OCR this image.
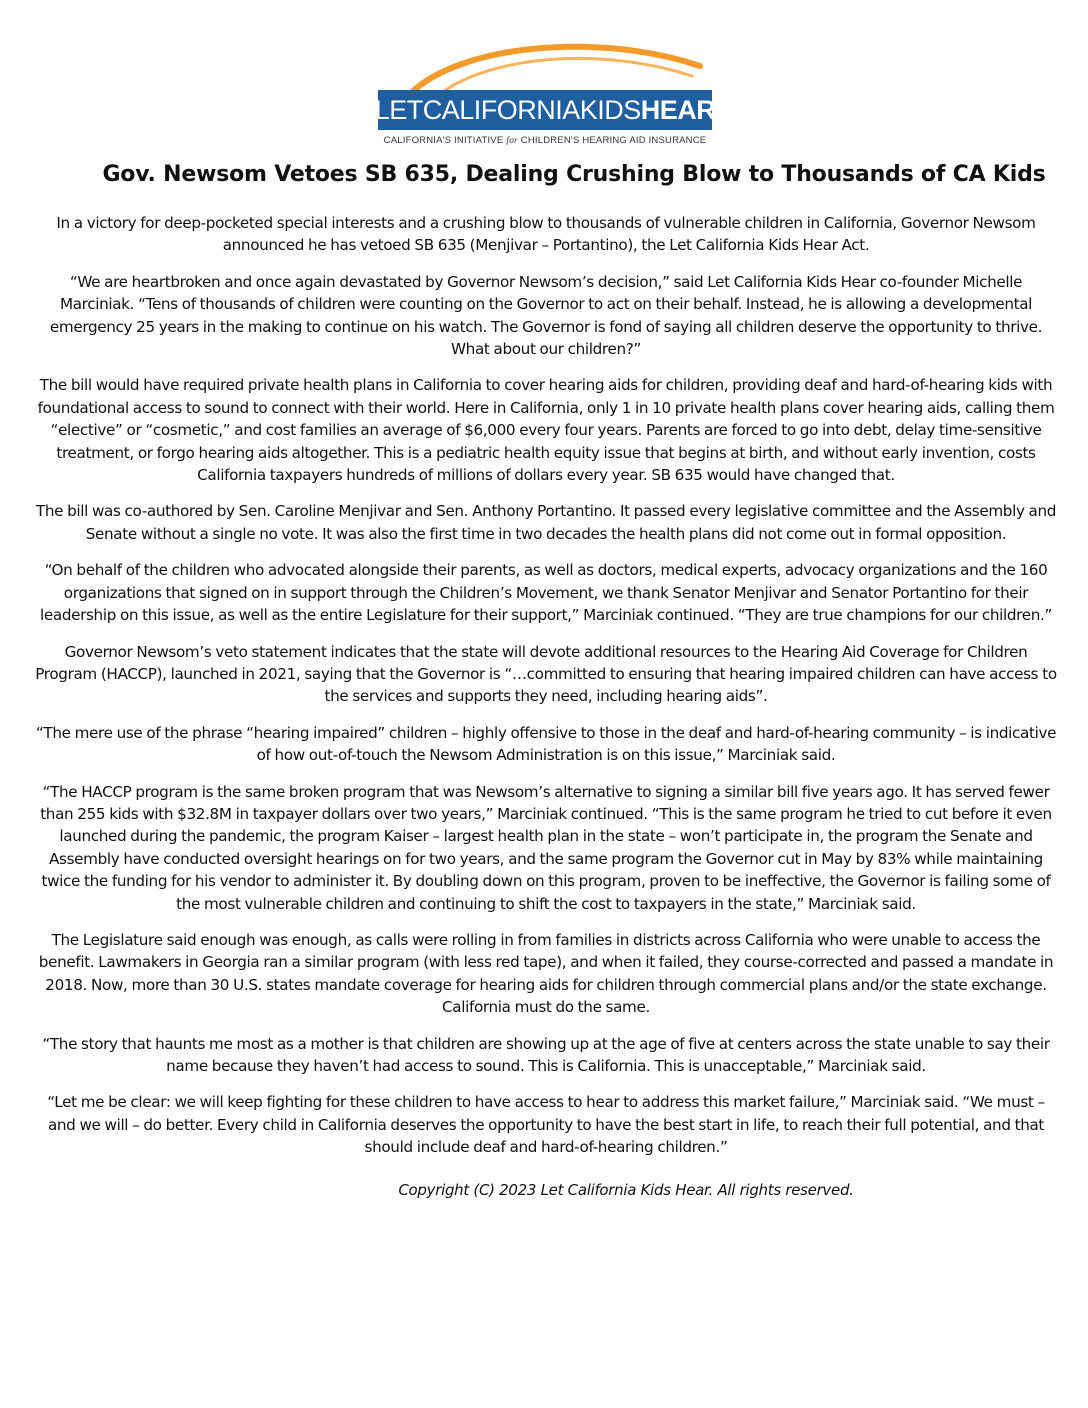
LETCALIFORNIAKIDSHEAR
CALIFORNIA'S INITIATIVE for CHILDREN'S HEARING AID INSURANCE
Gov. Newsom Vetoes SB 635, Dealing Crushing Blow to Thousands of CA Kids

In a victory for deep-pocketed special interests and a crushing blow to thousands of vulnerable children in California, Governor Newsom announced he has vetoed SB 635 (Menjivar – Portantino), the Let California Kids Hear Act.

“We are heartbroken and once again devastated by Governor Newsom’s decision,” said Let California Kids Hear co-founder Michelle Marciniak. “Tens of thousands of children were counting on the Governor to act on their behalf. Instead, he is allowing a developmental emergency 25 years in the making to continue on his watch. The Governor is fond of saying all children deserve the opportunity to thrive. What about our children?”

The bill would have required private health plans in California to cover hearing aids for children, providing deaf and hard-of-hearing kids with foundational access to sound to connect with their world. Here in California, only 1 in 10 private health plans cover hearing aids, calling them “elective” or “cosmetic,” and cost families an average of $6,000 every four years. Parents are forced to go into debt, delay time-sensitive treatment, or forgo hearing aids altogether. This is a pediatric health equity issue that begins at birth, and without early invention, costs California taxpayers hundreds of millions of dollars every year. SB 635 would have changed that.

The bill was co-authored by Sen. Caroline Menjivar and Sen. Anthony Portantino. It passed every legislative committee and the Assembly and Senate without a single no vote. It was also the first time in two decades the health plans did not come out in formal opposition.

“On behalf of the children who advocated alongside their parents, as well as doctors, medical experts, advocacy organizations and the 160 organizations that signed on in support through the Children’s Movement, we thank Senator Menjivar and Senator Portantino for their leadership on this issue, as well as the entire Legislature for their support,” Marciniak continued. “They are true champions for our children.”

Governor Newsom’s veto statement indicates that the state will devote additional resources to the Hearing Aid Coverage for Children Program (HACCP), launched in 2021, saying that the Governor is “…committed to ensuring that hearing impaired children can have access to the services and supports they need, including hearing aids”.

“The mere use of the phrase “hearing impaired” children – highly offensive to those in the deaf and hard-of-hearing community – is indicative of how out-of-touch the Newsom Administration is on this issue,” Marciniak said.

“The HACCP program is the same broken program that was Newsom’s alternative to signing a similar bill five years ago. It has served fewer than 255 kids with $32.8M in taxpayer dollars over two years,” Marciniak continued. “This is the same program he tried to cut before it even launched during the pandemic, the program Kaiser – largest health plan in the state – won’t participate in, the program the Senate and Assembly have conducted oversight hearings on for two years, and the same program the Governor cut in May by 83% while maintaining twice the funding for his vendor to administer it. By doubling down on this program, proven to be ineffective, the Governor is failing some of the most vulnerable children and continuing to shift the cost to taxpayers in the state,” Marciniak said.

The Legislature said enough was enough, as calls were rolling in from families in districts across California who were unable to access the benefit. Lawmakers in Georgia ran a similar program (with less red tape), and when it failed, they course-corrected and passed a mandate in 2018. Now, more than 30 U.S. states mandate coverage for hearing aids for children through commercial plans and/or the state exchange. California must do the same.

“The story that haunts me most as a mother is that children are showing up at the age of five at centers across the state unable to say their name because they haven’t had access to sound. This is California. This is unacceptable,” Marciniak said.

“Let me be clear: we will keep fighting for these children to have access to hear to address this market failure,” Marciniak said. “We must – and we will – do better. Every child in California deserves the opportunity to have the best start in life, to reach their full potential, and that should include deaf and hard-of-hearing children.”

Copyright (C) 2023 Let California Kids Hear. All rights reserved.
